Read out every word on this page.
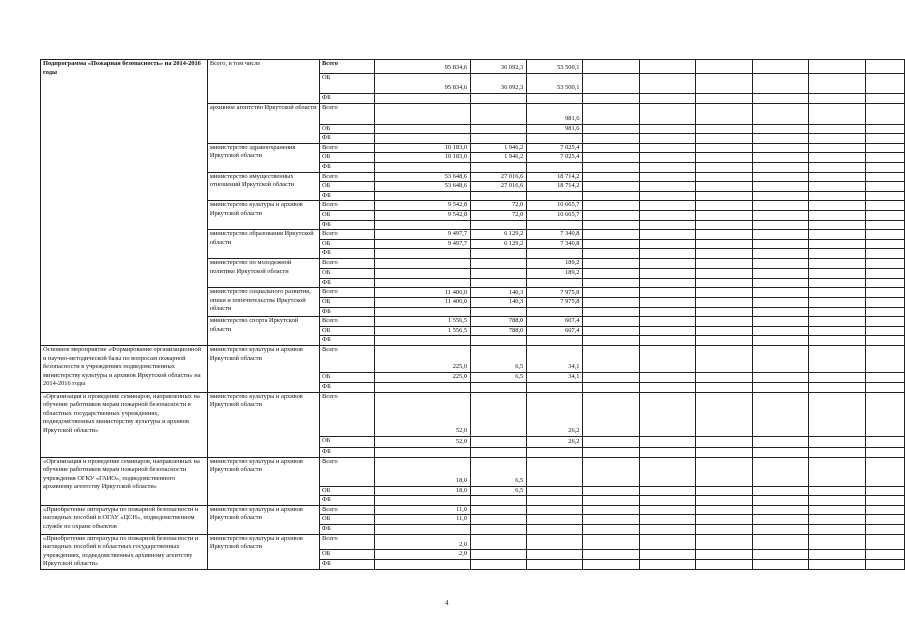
Подпрограмма «Пожарная безопасность» на 2014-2016 годы	Всего, в том числе	Всего	95 834,6	36 092,3	53 500,1						
		ОБ	95 834,6	36 092,3	53 500,1						
		ФБ									
	архивное агентство Иркутской области	Всего			981,6						
		ОБ			981,6						
		ФБ									
	министерство здравоохранения Иркутской области	Всего	10 183,0	1 946,2	7 025,4						
		ОБ	10 183,0	1 946,2	7 025,4						
		ФБ									
	министерство имущественных отношений Иркутской области	Всего	53 648,6	27 016,6	18 714,2						
		ОБ	53 648,6	27 016,6	18 714,2						
		ФБ									
	министерство культуры и архивов Иркутской области	Всего	9 542,8	72,0	10 665,7						
		ОБ	9 542,8	72,0	10 665,7						
		ФБ									
	министерство образования Иркутской области	Всего	9 497,7	6 129,2	7 340,8						
		ОБ	9 497,7	6 129,2	7 340,8						
		ФБ									
	министерство по молодежной политике Иркутской области	Всего			189,2						
		ОБ			189,2						
		ФБ									
	министерство социального развития, опеки и попечительства Иркутской области	Всего	11 406,0	140,3	7 975,8						
		ОБ	11 406,0	140,3	7 975,8						
		ФБ									
	министерство спорта Иркутской области	Всего	1 556,5	788,0	607,4						
		ОБ	1 556,5	788,0	607,4						
		ФБ									
Основное мероприятие «Формирование организационной и научно-методической базы по вопросам пожарной безопасности в учреждениях подведомственных министерству культуры и архивов Иркутской области» на 2014-2016 годы	министерство культуры и архивов Иркутской области	Всего	225,0	6,5	34,1						
		ОБ	225,0	6,5	34,1						
		ФБ									
«Организация и проведение семинаров, направленных на обучение работников мерам пожарной безопасности в областных государственных учреждениях, подведомственных министерству культуры и архивов Иркутской области»	министерство культуры и архивов Иркутской области	Всего	52,0		26,2						
		ОБ	52,0		26,2						
		ФБ									
«Организация и проведение семинаров, направленных на обучение работников мерам пожарной безопасности учреждения ОГКУ «ГАИО», подведомственного архивному агентству Иркутской области»	министерство культуры и архивов Иркутской области	Всего	18,0	6,5							
		ОБ	18,0	6,5							
		ФБ									
«Приобретение литературы по пожарной безопасности и наглядных пособий в ОГАУ «ЦСН», подведомственном службе по охране объектов	министерство культуры и архивов Иркутской области	Всего	11,0								
		ОБ	11,0								
		ФБ									
«Приобретение литературы по пожарной безопасности и наглядных пособий в областных государственных учреждениях, подведомственных архивному агентству Иркутской области»	министерство культуры и архивов Иркутской области	Всего	2,0								
		ОБ	2,0								
		ФБ									
4
